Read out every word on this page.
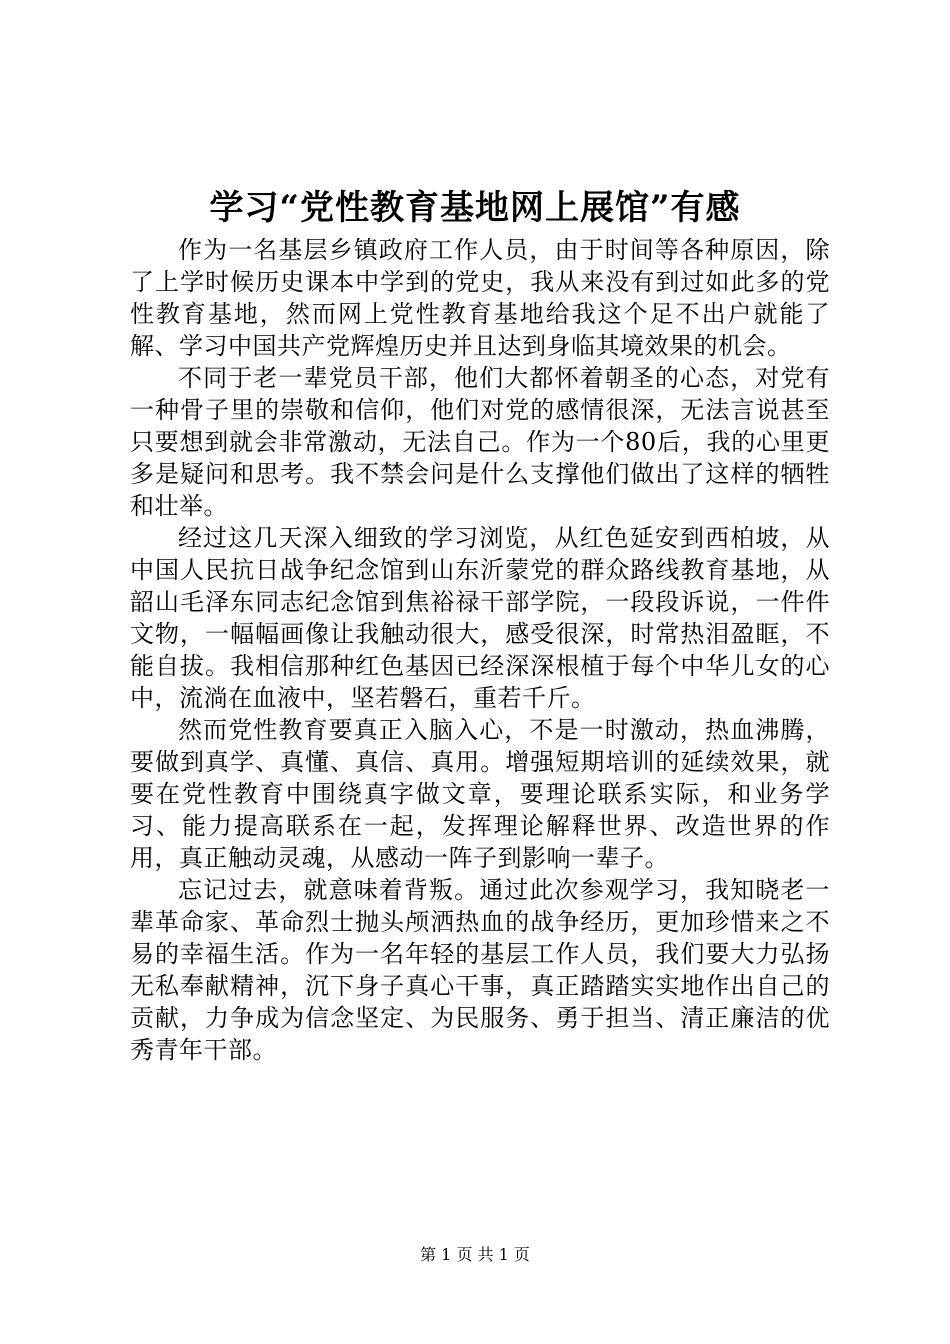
学习“党性教育基地网上展馆”有感

作为一名基层乡镇政府工作人员，由于时间等各种原因，除了上学时候历史课本中学到的党史，我从来没有到过如此多的党性教育基地，然而网上党性教育基地给我这个足不出户就能了解、学习中国共产党辉煌历史并且达到身临其境效果的机会。

不同于老一辈党员干部，他们大都怀着朝圣的心态，对党有一种骨子里的崇敬和信仰，他们对党的感情很深，无法言说甚至只要想到就会非常激动，无法自己。作为一个80后，我的心里更多是疑问和思考。我不禁会问是什么支撑他们做出了这样的牺牲和壮举。

经过这几天深入细致的学习浏览，从红色延安到西柏坡，从中国人民抗日战争纪念馆到山东沂蒙党的群众路线教育基地，从韶山毛泽东同志纪念馆到焦裕禄干部学院，一段段诉说，一件件文物，一幅幅画像让我触动很大，感受很深，时常热泪盈眶，不能自拔。我相信那种红色基因已经深深根植于每个中华儿女的心中，流淌在血液中，坚若磐石，重若千斤。

然而党性教育要真正入脑入心，不是一时激动，热血沸腾，要做到真学、真懂、真信、真用。增强短期培训的延续效果，就要在党性教育中围绕真字做文章，要理论联系实际，和业务学习、能力提高联系在一起，发挥理论解释世界、改造世界的作用，真正触动灵魂，从感动一阵子到影响一辈子。

忘记过去，就意味着背叛。通过此次参观学习，我知晓老一辈革命家、革命烈士抛头颅洒热血的战争经历，更加珍惜来之不易的幸福生活。作为一名年轻的基层工作人员，我们要大力弘扬无私奉献精神，沉下身子真心干事，真正踏踏实实地作出自己的贡献，力争成为信念坚定、为民服务、勇于担当、清正廉洁的优秀青年干部。

第 1 页 共 1 页
